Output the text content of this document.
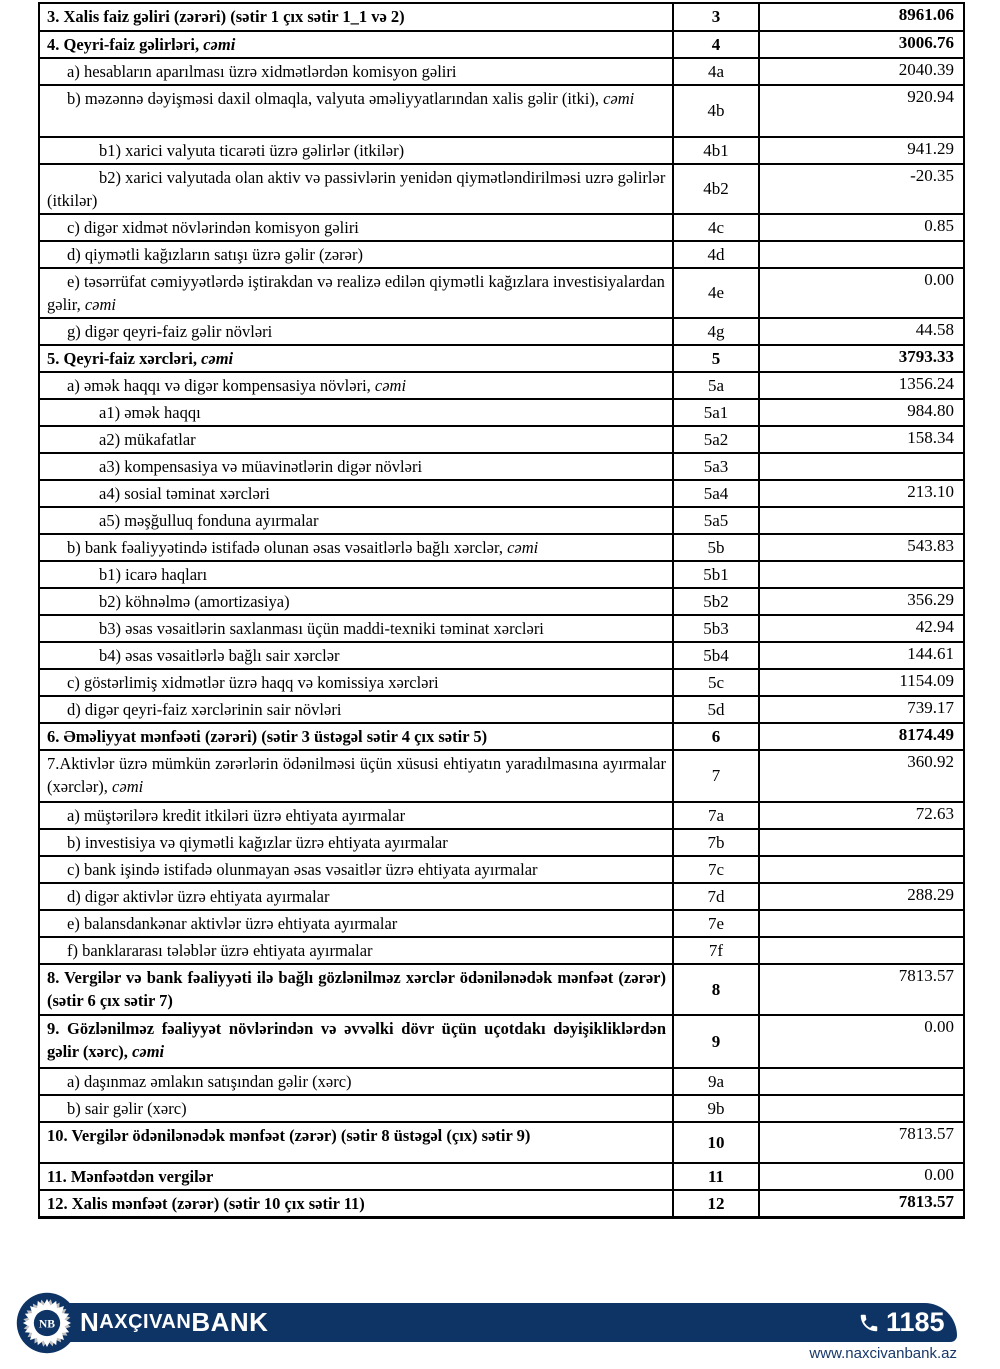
3. Xalis faiz gəliri (zərəri) (sətir 1 çıx sətir 1_1 və 2)	3	8961.06

4. Qeyri-faiz gəlirləri, cəmi	4	3006.76

a) hesabların aparılması üzrə xidmətlərdən komisyon gəliri	4a	2040.39

b) məzənnə dəyişməsi daxil olmaqla, valyuta əməliyyatlarından xalis gəlir (itki), cəmi	4b	920.94

b1) xarici valyuta ticarəti üzrə gəlirlər (itkilər)	4b1	941.29

b2) xarici valyutada olan aktiv və passivlərin yenidən qiymətləndirilməsi uzrə gəlirlər (itkilər)	4b2	-20.35

c) digər xidmət növlərindən komisyon gəliri	4c	0.85

d) qiymətli kağızların satışı üzrə gəlir (zərər)	4d	

e) təsərrüfat cəmiyyətlərdə iştirakdan və realizə edilən qiymətli kağızlara investisiyalardan gəlir, cəmi	4e	0.00

g) digər qeyri-faiz gəlir növləri	4g	44.58

5. Qeyri-faiz xərcləri, cəmi	5	3793.33

a) əmək haqqı və digər kompensasiya növləri, cəmi	5a	1356.24

a1) əmək haqqı	5a1	984.80

a2) mükafatlar	5a2	158.34

a3) kompensasiya və müavinətlərin digər növləri	5a3	

a4) sosial təminat xərcləri	5a4	213.10

a5) məşğulluq fonduna ayırmalar	5a5	

b) bank fəaliyyətində istifadə olunan əsas vəsaitlərlə bağlı xərclər, cəmi	5b	543.83

b1) icarə haqları	5b1	

b2) köhnəlmə (amortizasiya)	5b2	356.29

b3) əsas vəsaitlərin saxlanması üçün maddi-texniki təminat xərcləri	5b3	42.94

b4) əsas vəsaitlərlə bağlı sair xərclər	5b4	144.61

c) göstərlimiş xidmətlər üzrə haqq və komissiya xərcləri	5c	1154.09

d) digər qeyri-faiz xərclərinin sair növləri	5d	739.17

6. Əməliyyat mənfəəti (zərəri) (sətir 3 üstəgəl sətir 4 çıx sətir 5)	6	8174.49

7.Aktivlər üzrə mümkün zərərlərin ödənilməsi üçün xüsusi ehtiyatın yaradılmasına ayırmalar (xərclər), cəmi	7	360.92

a) müştərilərə kredit itkiləri üzrə ehtiyata ayırmalar	7a	72.63

b) investisiya və qiymətli kağızlar üzrə ehtiyata ayırmalar	7b	

c) bank işində istifadə olunmayan əsas vəsaitlər üzrə ehtiyata ayırmalar	7c	

d) digər aktivlər üzrə ehtiyata ayırmalar	7d	288.29

e) balansdankənar aktivlər üzrə ehtiyata ayırmalar	7e	

f) banklararası tələblər üzrə ehtiyata ayırmalar	7f	

8. Vergilər və bank fəaliyyəti ilə bağlı gözlənilməz xərclər ödənilənədək mənfəət (zərər) (sətir 6 çıx sətir 7)	8	7813.57

9. Gözlənilməz fəaliyyət növlərindən və əvvəlki dövr üçün uçotdakı dəyişikliklərdən gəlir (xərc), cəmi	9	0.00

a) daşınmaz əmlakın satışından gəlir (xərc)	9a	

b) sair gəlir (xərc)	9b	

10. Vergilər ödənilənədək mənfəət (zərər) (sətir 8 üstəgəl (çıx) sətir 9)	10	7813.57

11. Mənfəətdən vergilər	11	0.00

12. Xalis mənfəət (zərər) (sətir 10 çıx sətir 11)	12	7813.57
NB N AXÇIVAN BANK	1185
www.naxcivanbank.az
